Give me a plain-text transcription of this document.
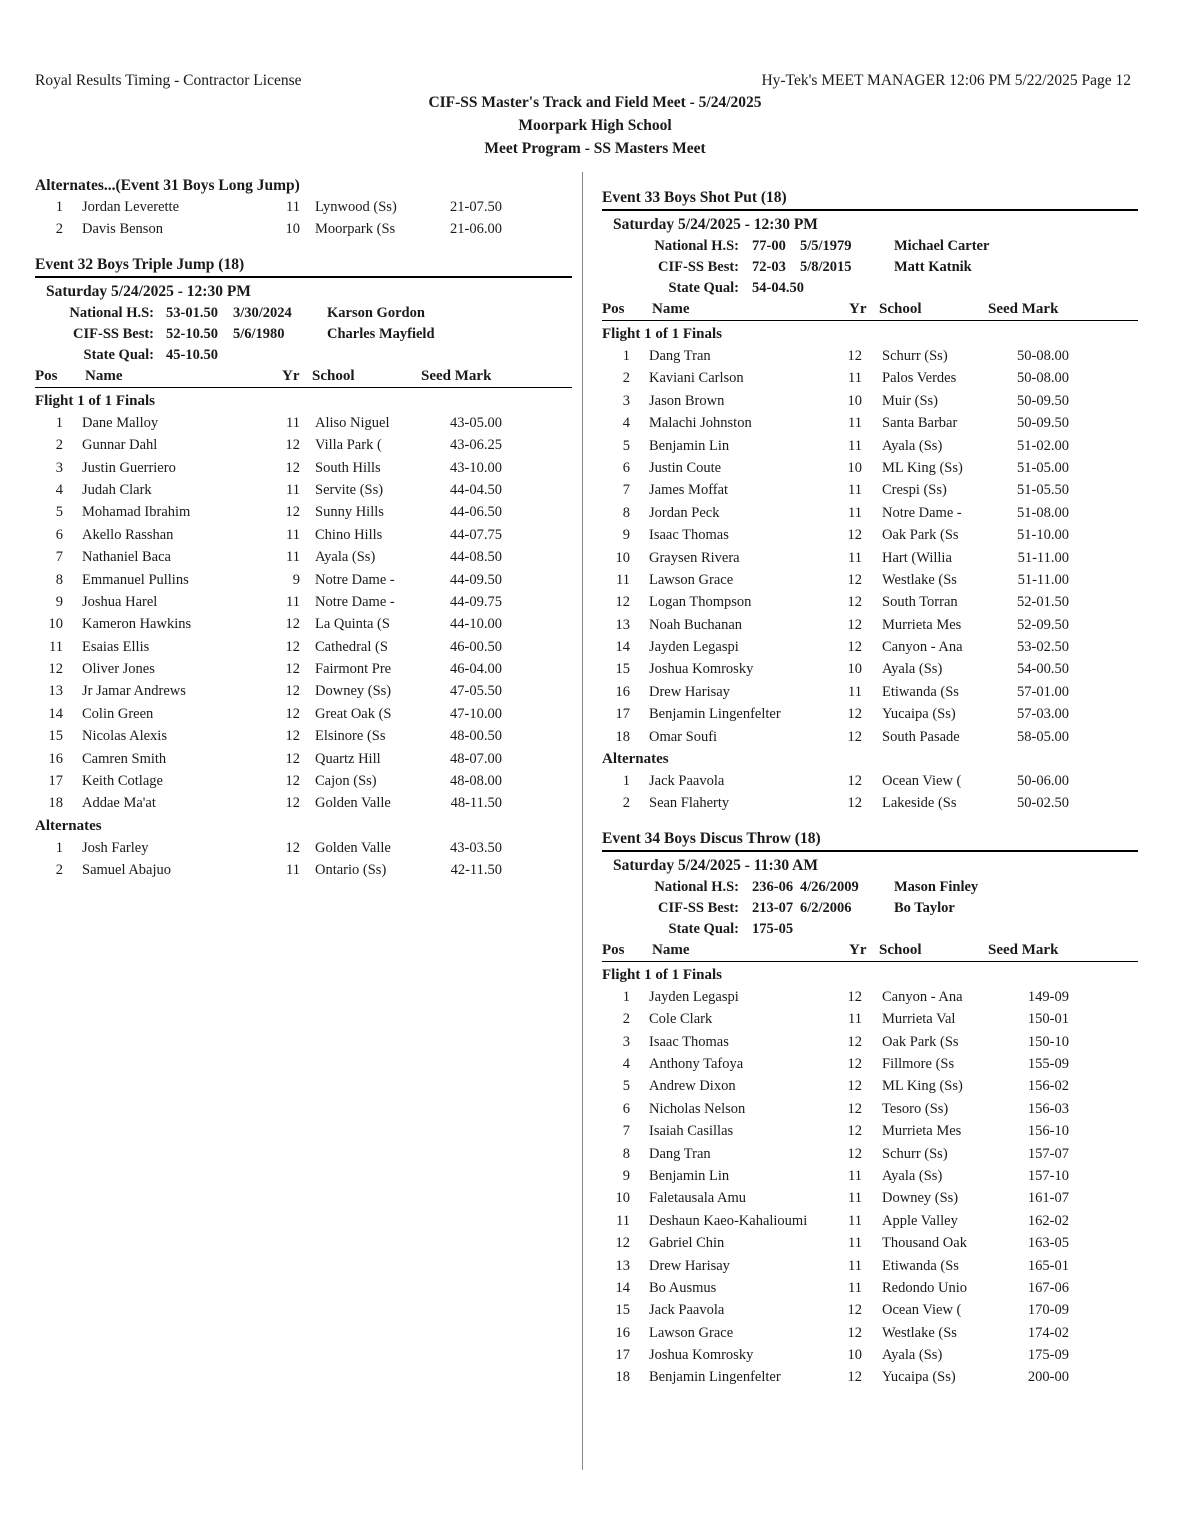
Royal Results Timing - Contractor License	Hy-Tek's MEET MANAGER 12:06 PM 5/22/2025 Page 12
CIF-SS Master's Track and Field Meet - 5/24/2025
Moorpark High School
Meet Program - SS Masters Meet
Alternates...(Event 31 Boys Long Jump)
1 Jordan Leverette	11 Lynwood (Ss)	21-07.50
2 Davis Benson	10 Moorpark (Ss	21-06.00
Event 32 Boys Triple Jump (18)
Saturday 5/24/2025 - 12:30 PM
National H.S: 53-01.50 3/30/2024 Karson Gordon
CIF-SS Best: 52-10.50 5/6/1980	Charles Mayfield
State Qual: 45-10.50
Pos Name	Yr School	Seed Mark
Flight 1 of 1 Finals
1 Dane Malloy	11 Aliso Niguel	43-05.00
2 Gunnar Dahl	12 Villa Park (	43-06.25
3 Justin Guerriero	12 South Hills	43-10.00
4 Judah Clark	11 Servite (Ss)	44-04.50
5 Mohamad Ibrahim	12 Sunny Hills	44-06.50
6 Akello Rasshan	11 Chino Hills	44-07.75
7 Nathaniel Baca	11 Ayala (Ss)	44-08.50
8 Emmanuel Pullins	9 Notre Dame -	44-09.50
9 Joshua Harel	11 Notre Dame -	44-09.75
10 Kameron Hawkins	12 La Quinta (S	44-10.00
11 Esaias Ellis	12 Cathedral (S	46-00.50
12 Oliver Jones	12 Fairmont Pre	46-04.00
13 Jr Jamar Andrews	12 Downey (Ss)	47-05.50
14 Colin Green	12 Great Oak (S	47-10.00
15 Nicolas Alexis	12 Elsinore (Ss	48-00.50
16 Camren Smith	12 Quartz Hill	48-07.00
17 Keith Cotlage	12 Cajon (Ss)	48-08.00
18 Addae Ma'at	12 Golden Valle	48-11.50
Alternates
1 Josh Farley	12 Golden Valle	43-03.50
2 Samuel Abajuo	11 Ontario (Ss)	42-11.50
Event 33 Boys Shot Put (18)
Saturday 5/24/2025 - 12:30 PM
National H.S: 77-00 5/5/1979	Michael Carter
CIF-SS Best: 72-03 5/8/2015	Matt Katnik
State Qual: 54-04.50
Pos Name	Yr School	Seed Mark
Flight 1 of 1 Finals
1 Dang Tran	12 Schurr (Ss)	50-08.00
2 Kaviani Carlson	11 Palos Verdes	50-08.00
3 Jason Brown	10 Muir (Ss)	50-09.50
4 Malachi Johnston	11 Santa Barbar	50-09.50
5 Benjamin Lin	11 Ayala (Ss)	51-02.00
6 Justin Coute	10 ML King (Ss)	51-05.00
7 James Moffat	11 Crespi (Ss)	51-05.50
8 Jordan Peck	11 Notre Dame -	51-08.00
9 Isaac Thomas	12 Oak Park (Ss	51-10.00
10 Graysen Rivera	11 Hart (Willia	51-11.00
11 Lawson Grace	12 Westlake (Ss	51-11.00
12 Logan Thompson	12 South Torran	52-01.50
13 Noah Buchanan	12 Murrieta Mes	52-09.50
14 Jayden Legaspi	12 Canyon - Ana	53-02.50
15 Joshua Komrosky	10 Ayala (Ss)	54-00.50
16 Drew Harisay	11 Etiwanda (Ss	57-01.00
17 Benjamin Lingenfelter	12 Yucaipa (Ss)	57-03.00
18 Omar Soufi	12 South Pasade	58-05.00
Alternates
1 Jack Paavola	12 Ocean View (	50-06.00
2 Sean Flaherty	12 Lakeside (Ss	50-02.50
Event 34 Boys Discus Throw (18)
Saturday 5/24/2025 - 11:30 AM
National H.S: 236-06 4/26/2009 Mason Finley
CIF-SS Best: 213-07 6/2/2006	Bo Taylor
State Qual: 175-05
Pos Name	Yr School	Seed Mark
Flight 1 of 1 Finals
1 Jayden Legaspi	12 Canyon - Ana	149-09
2 Cole Clark	11 Murrieta Val	150-01
3 Isaac Thomas	12 Oak Park (Ss	150-10
4 Anthony Tafoya	12 Fillmore (Ss	155-09
5 Andrew Dixon	12 ML King (Ss)	156-02
6 Nicholas Nelson	12 Tesoro (Ss)	156-03
7 Isaiah Casillas	12 Murrieta Mes	156-10
8 Dang Tran	12 Schurr (Ss)	157-07
9 Benjamin Lin	11 Ayala (Ss)	157-10
10 Faletausala Amu	11 Downey (Ss)	161-07
11 Deshaun Kaeo-Kahalioumi	11 Apple Valley	162-02
12 Gabriel Chin	11 Thousand Oak	163-05
13 Drew Harisay	11 Etiwanda (Ss	165-01
14 Bo Ausmus	11 Redondo Unio	167-06
15 Jack Paavola	12 Ocean View (	170-09
16 Lawson Grace	12 Westlake (Ss	174-02
17 Joshua Komrosky	10 Ayala (Ss)	175-09
18 Benjamin Lingenfelter	12 Yucaipa (Ss)	200-00
